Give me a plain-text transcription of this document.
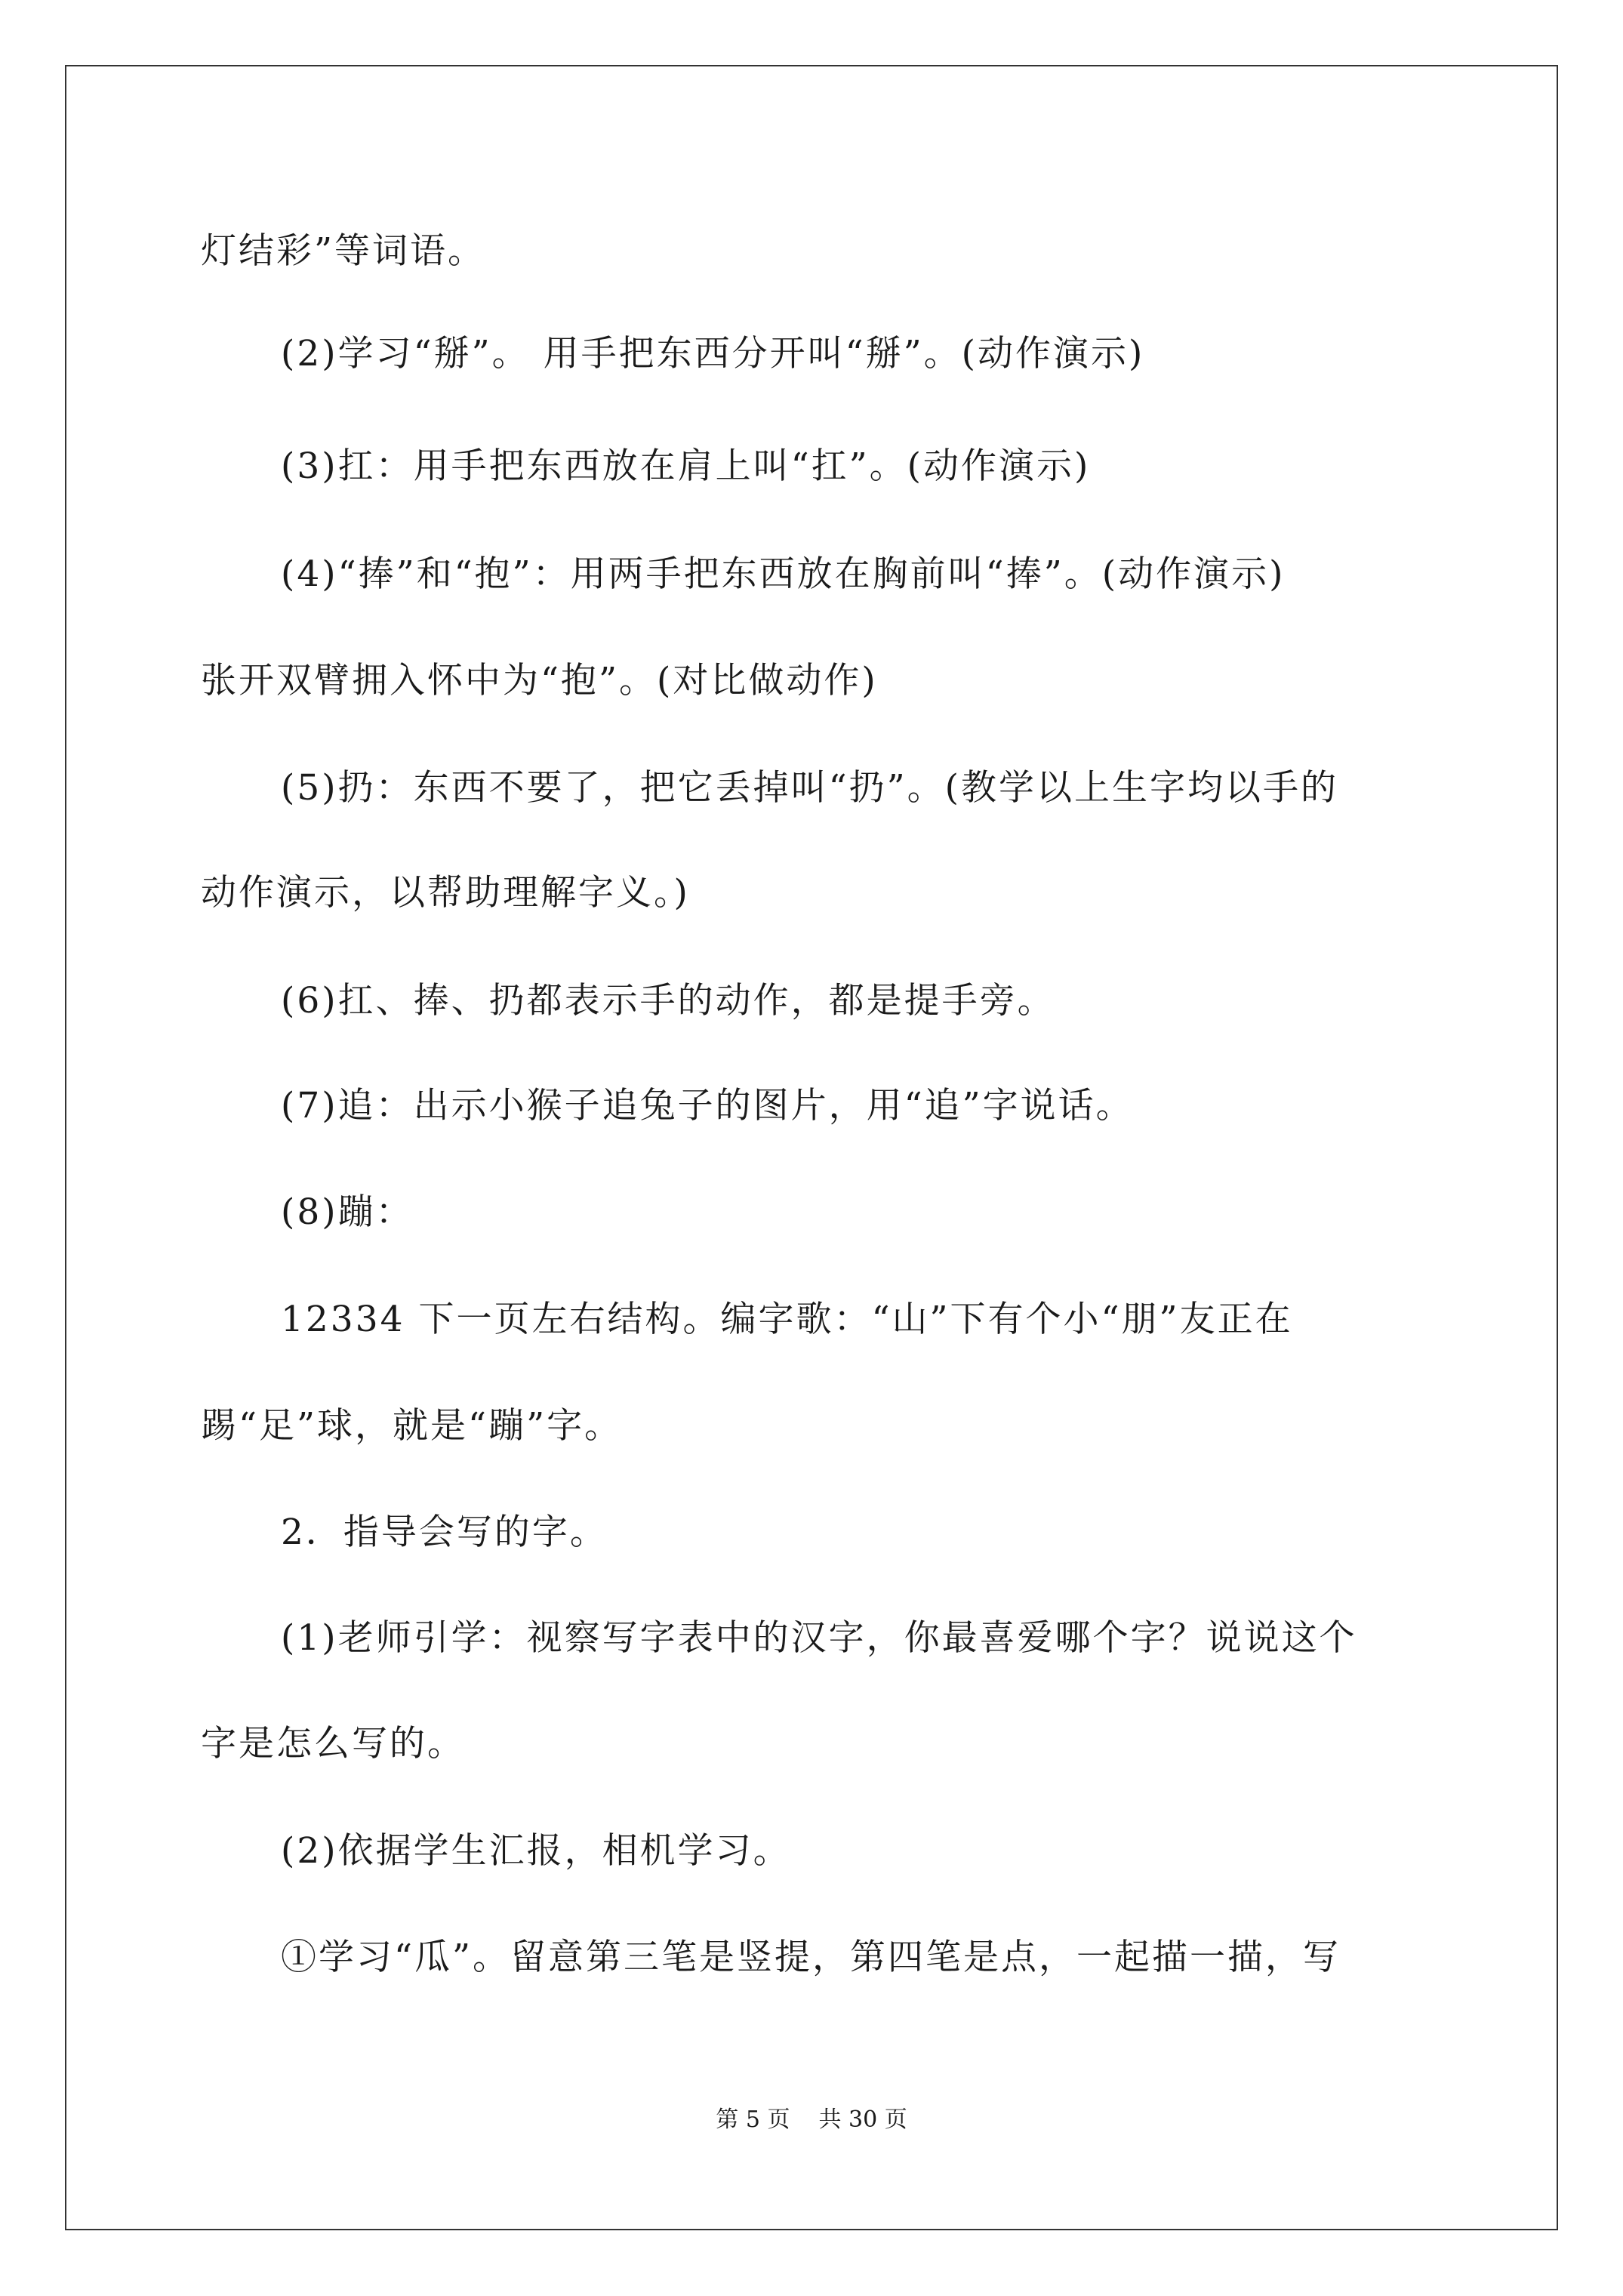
灯结彩”等词语。
(2)学习“掰”。 用手把东西分开叫“掰”。(动作演示)
(3)扛：用手把东西放在肩上叫“扛”。(动作演示)
(4)“捧”和“抱”：用两手把东西放在胸前叫“捧”。(动作演示)
张开双臂拥入怀中为“抱”。(对比做动作)
(5)扔：东西不要了，把它丢掉叫“扔”。(教学以上生字均以手的
动作演示，以帮助理解字义。)
(6)扛、捧、扔都表示手的动作，都是提手旁。
(7)追：出示小猴子追兔子的图片，用“追”字说话。
(8)蹦：
12334 下一页左右结构。编字歌：“山”下有个小“朋”友正在
踢“足”球，就是“蹦”字。
2．指导会写的字。
(1)老师引学：视察写字表中的汉字，你最喜爱哪个字？说说这个
字是怎么写的。
(2)依据学生汇报，相机学习。
①学习“瓜”。留意第三笔是竖提，第四笔是点，一起描一描，写
第 5 页 共 30 页
